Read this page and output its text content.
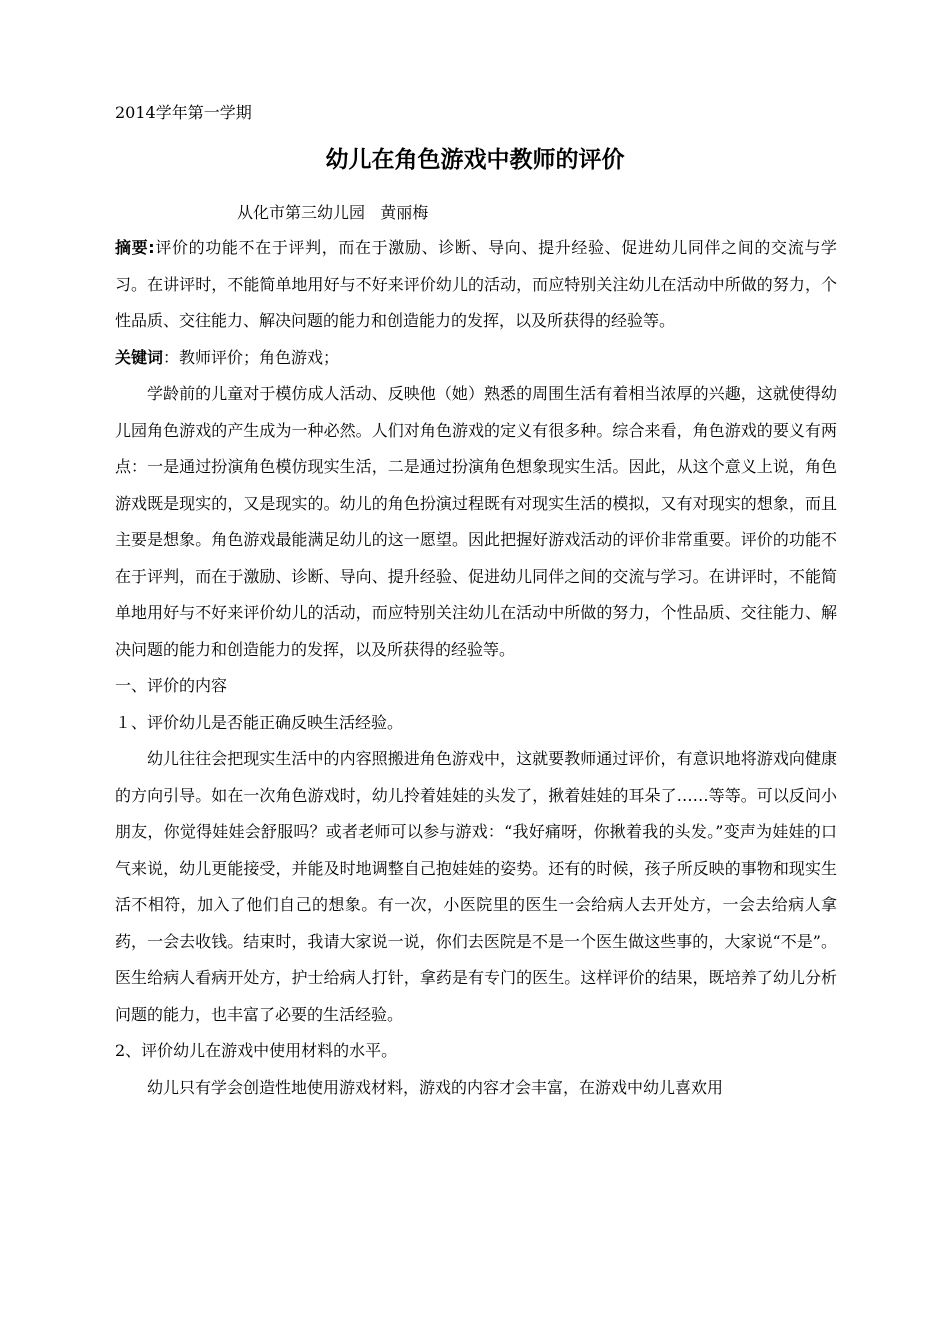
2014学年第一学期
幼儿在角色游戏中教师的评价
从化市第三幼儿园   黄丽梅

摘要:评价的功能不在于评判，而在于激励、诊断、导向、提升经验、促进幼儿同伴之间的交流与学习。在讲评时，不能简单地用好与不好来评价幼儿的活动，而应特别关注幼儿在活动中所做的努力，个性品质、交往能力、解决问题的能力和创造能力的发挥，以及所获得的经验等。

关键词：教师评价；角色游戏；

学龄前的儿童对于模仿成人活动、反映他（她）熟悉的周围生活有着相当浓厚的兴趣，这就使得幼儿园角色游戏的产生成为一种必然。人们对角色游戏的定义有很多种。综合来看，角色游戏的要义有两点：一是通过扮演角色模仿现实生活，二是通过扮演角色想象现实生活。因此，从这个意义上说，角色游戏既是现实的，又是现实的。幼儿的角色扮演过程既有对现实生活的模拟，又有对现实的想象，而且主要是想象。角色游戏最能满足幼儿的这一愿望。因此把握好游戏活动的评价非常重要。评价的功能不在于评判，而在于激励、诊断、导向、提升经验、促进幼儿同伴之间的交流与学习。在讲评时，不能简单地用好与不好来评价幼儿的活动，而应特别关注幼儿在活动中所做的努力，个性品质、交往能力、解决问题的能力和创造能力的发挥，以及所获得的经验等。

一、评价的内容

１、评价幼儿是否能正确反映生活经验。

幼儿往往会把现实生活中的内容照搬进角色游戏中，这就要教师通过评价，有意识地将游戏向健康的方向引导。如在一次角色游戏时，幼儿拎着娃娃的头发了，揪着娃娃的耳朵了……等等。可以反问小朋友，你觉得娃娃会舒服吗？或者老师可以参与游戏：“我好痛呀，你揪着我的头发。”变声为娃娃的口气来说，幼儿更能接受，并能及时地调整自己抱娃娃的姿势。还有的时候，孩子所反映的事物和现实生活不相符，加入了他们自己的想象。有一次，小医院里的医生一会给病人去开处方，一会去给病人拿药，一会去收钱。结束时，我请大家说一说，你们去医院是不是一个医生做这些事的，大家说“不是”。医生给病人看病开处方，护士给病人打针，拿药是有专门的医生。这样评价的结果，既培养了幼儿分析问题的能力，也丰富了必要的生活经验。

2、评价幼儿在游戏中使用材料的水平。

幼儿只有学会创造性地使用游戏材料，游戏的内容才会丰富，在游戏中幼儿喜欢用
